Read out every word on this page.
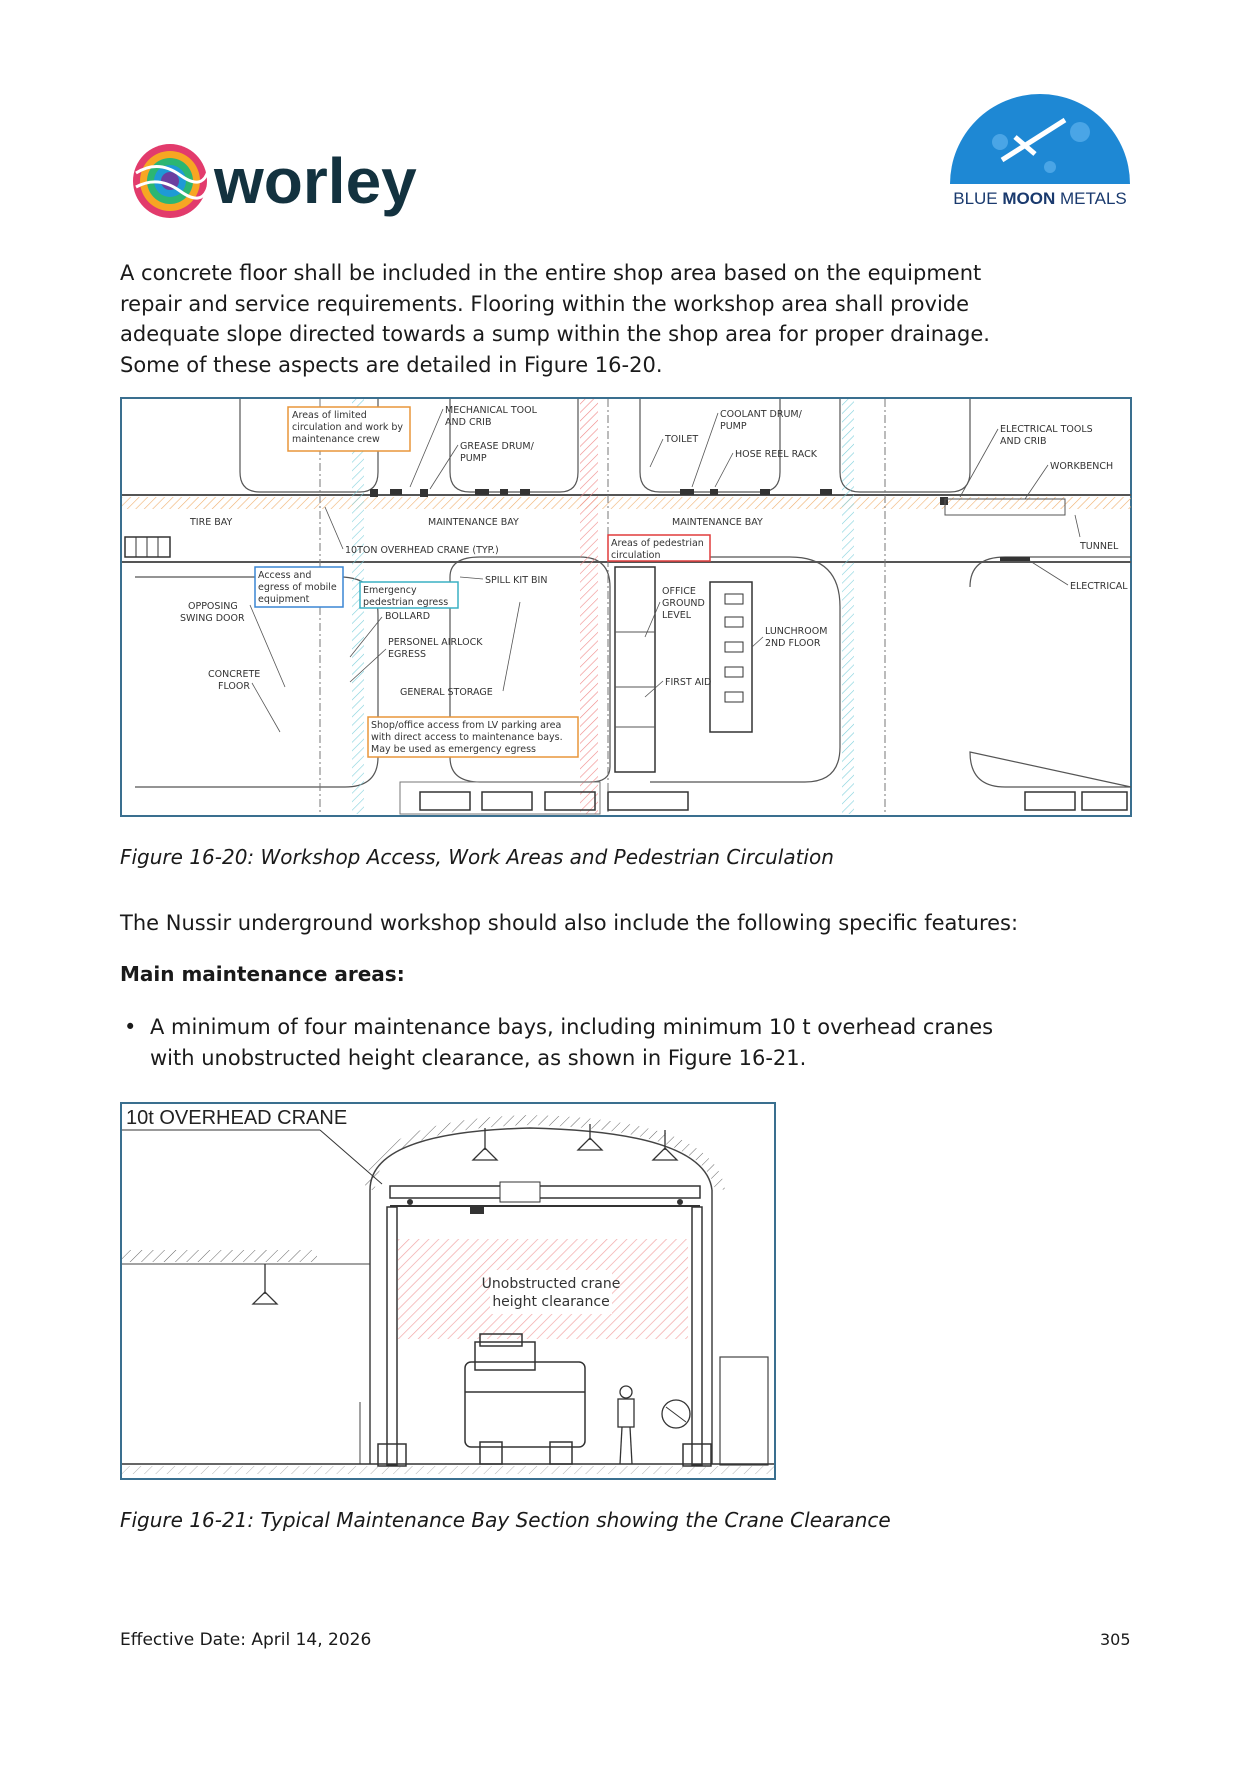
worley	BLUE MOON METALS
A concrete floor shall be included in the entire shop area based on the equipment
repair and service requirements. Flooring within the workshop area shall provide
adequate slope directed towards a sump within the shop area for proper drainage.
Some of these aspects are detailed in Figure 16-20.
Areas of limited
circulation and work by
maintenance crew
Areas of pedestrian
circulation
Access and
egress of mobile
equipment
Emergency
pedestrian egress
Shop/office access from LV parking area
with direct access to maintenance bays.
May be used as emergency egress
MECHANICAL TOOL
AND CRIB
GREASE DRUM/
PUMP
TOILET
COOLANT DRUM/
PUMP
HOSE REEL RACK
ELECTRICAL TOOLS
AND CRIB
WORKBENCH
TIRE BAY	MAINTENANCE BAY	MAINTENANCE BAY
TUNNEL
10TON OVERHEAD CRANE (TYP.)
SPILL KIT BIN
ELECTRICAL
OPPOSING
SWING DOOR	BOLLARD
OFFICE
GROUND
LEVEL
LUNCHROOM
2ND FLOOR
PERSONEL AIRLOCK
EGRESS
CONCRETE
FLOOR
GENERAL STORAGE
FIRST AID
Figure 16-20: Workshop Access, Work Areas and Pedestrian Circulation
The Nussir underground workshop should also include the following specific features:
Main maintenance areas:
• A minimum of four maintenance bays, including minimum 10 t overhead cranes
with unobstructed height clearance, as shown in Figure 16-21.
Unobstructed crane
height clearance
10t OVERHEAD CRANE
Figure 16-21: Typical Maintenance Bay Section showing the Crane Clearance
Effective Date: April 14, 2026	305
